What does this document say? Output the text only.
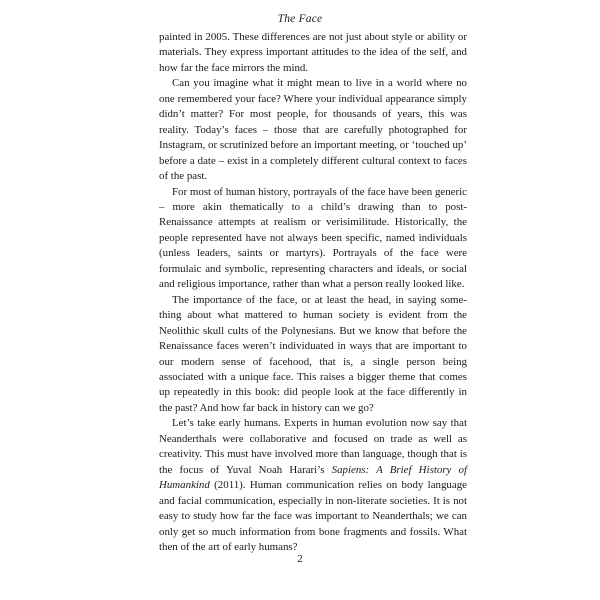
The Face

painted in 2005. These differences are not just about style or ability or materials. They express important attitudes to the idea of the self, and how far the face mirrors the mind.

Can you imagine what it might mean to live in a world where no one remembered your face? Where your individual appearance simply didn’t matter? For most people, for thousands of years, this was reality. Today’s faces – those that are carefully photographed for Instagram, or scrutinized before an important meeting, or ‘touched up’ before a date – exist in a completely different cultural context to faces of the past.

For most of human history, portrayals of the face have been generic – more akin thematically to a child’s drawing than to post-Renaissance attempts at realism or verisimilitude. Historically, the people represented have not always been specific, named individuals (unless leaders, saints or martyrs). Portrayals of the face were formulaic and symbolic, representing characters and ideals, or social and religious importance, rather than what a person really looked like.

The importance of the face, or at least the head, in saying something about what mattered to human society is evident from the Neolithic skull cults of the Polynesians. But we know that before the Renaissance faces weren’t individuated in ways that are important to our modern sense of facehood, that is, a single person being associated with a unique face. This raises a bigger theme that comes up repeatedly in this book: did people look at the face differently in the past? And how far back in history can we go?

Let’s take early humans. Experts in human evolution now say that Neanderthals were collaborative and focused on trade as well as creativity. This must have involved more than language, though that is the focus of Yuval Noah Harari’s Sapiens: A Brief History of Humankind (2011). Human communication relies on body language and facial communication, especially in non-literate societies. It is not easy to study how far the face was important to Neanderthals; we can only get so much information from bone fragments and fossils. What then of the art of early humans?

2
